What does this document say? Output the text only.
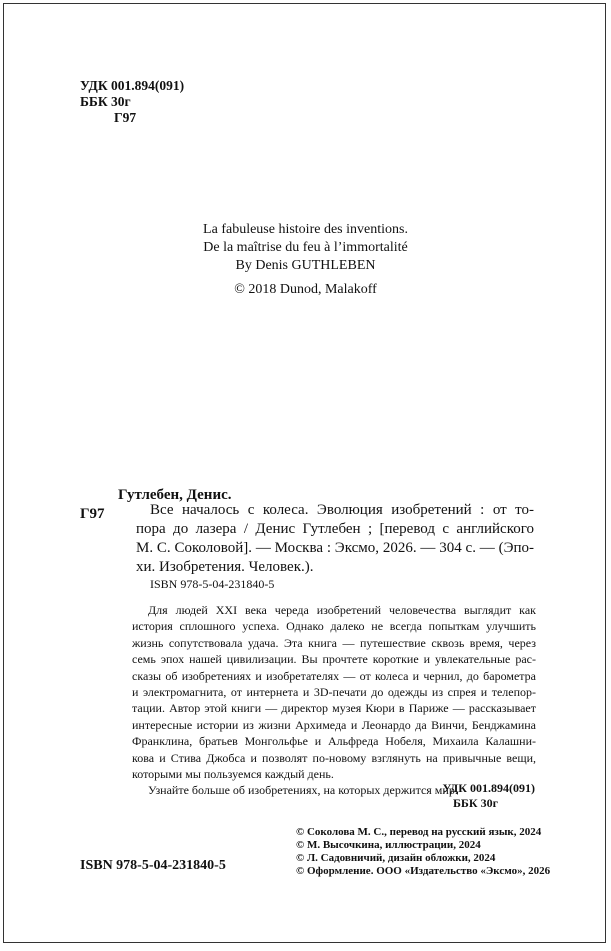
УДК 001.894(091)
ББК 30г
Г97
La fabuleuse histoire des inventions.
De la maîtrise du feu à l’immortalité
By Denis GUTHLEBEN
© 2018 Dunod, Malakoff
Гутлебен, Денис.
Г97	Все началось с колеса. Эволюция изобретений : от то-
пора до лазера / Денис Гутлебен ; [перевод с английского
М. С. Соколовой]. — Москва : Эксмо, 2026. — 304 с. — (Эпо-
хи. Изобретения. Человек.).
ISBN 978-5-04-231840-5
Для людей XXI века череда изобретений человечества выглядит как
история сплошного успеха. Однако далеко не всегда попыткам улучшить
жизнь сопутствовала удача. Эта книга — путешествие сквозь время, через
семь эпох нашей цивилизации. Вы прочтете короткие и увлекательные рас-
сказы об изобретениях и изобретателях — от колеса и чернил, до барометра
и электромагнита, от интернета и 3D-печати до одежды из спрея и телепор-
тации. Автор этой книги — директор музея Кюри в Париже — рассказывает
интересные истории из жизни Архимеда и Леонардо да Винчи, Бенджамина
Франклина, братьев Монгольфье и Альфреда Нобеля, Михаила Калашни-
кова и Стива Джобса и позволят по-новому взглянуть на привычные вещи,
которыми мы пользуемся каждый день.
Узнайте больше об изобретениях, на которых держится мир.
УДК 001.894(091)
ББК 30г
© Соколова М. С., перевод на русский язык, 2024
© М. Высочкина, иллюстрации, 2024
© Л. Садовничий, дизайн обложки, 2024
© Оформление. ООО «Издательство «Эксмо», 2026
ISBN 978-5-04-231840-5
